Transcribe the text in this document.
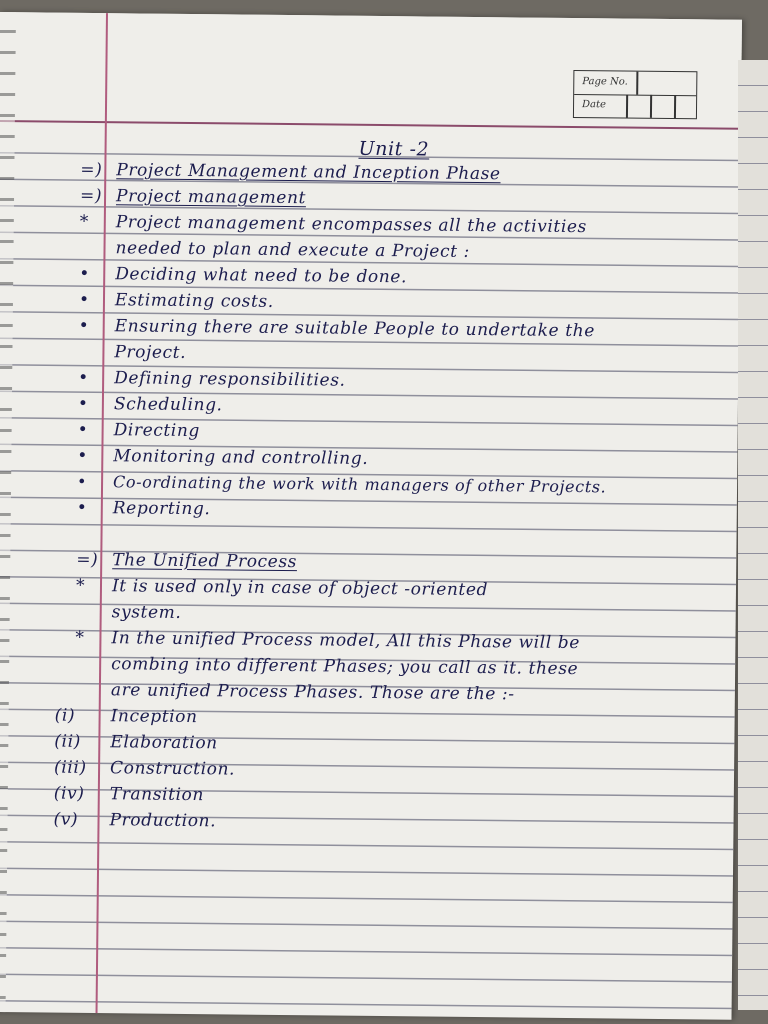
Page No.
Date
Unit -2
=) Project Management and Inception Phase
=) Project management
* Project management encompasses all the activities
needed to plan and execute a Project :
• Deciding what need to be done.
• Estimating costs.
• Ensuring there are suitable People to undertake the
Project.
• Defining responsibilities.
• Scheduling.
• Directing
• Monitoring and controlling.
• Co-ordinating the work with managers of other Projects.
• Reporting.
=) The Unified Process
* It is used only in case of object -oriented
system.
* In the unified Process model, All this Phase will be
combing into different Phases; you call as it. these
are unified Process Phases. Those are the :-
(i) Inception
(ii) Elaboration
(iii) Construction.
(iv) Transition
(v) Production.
